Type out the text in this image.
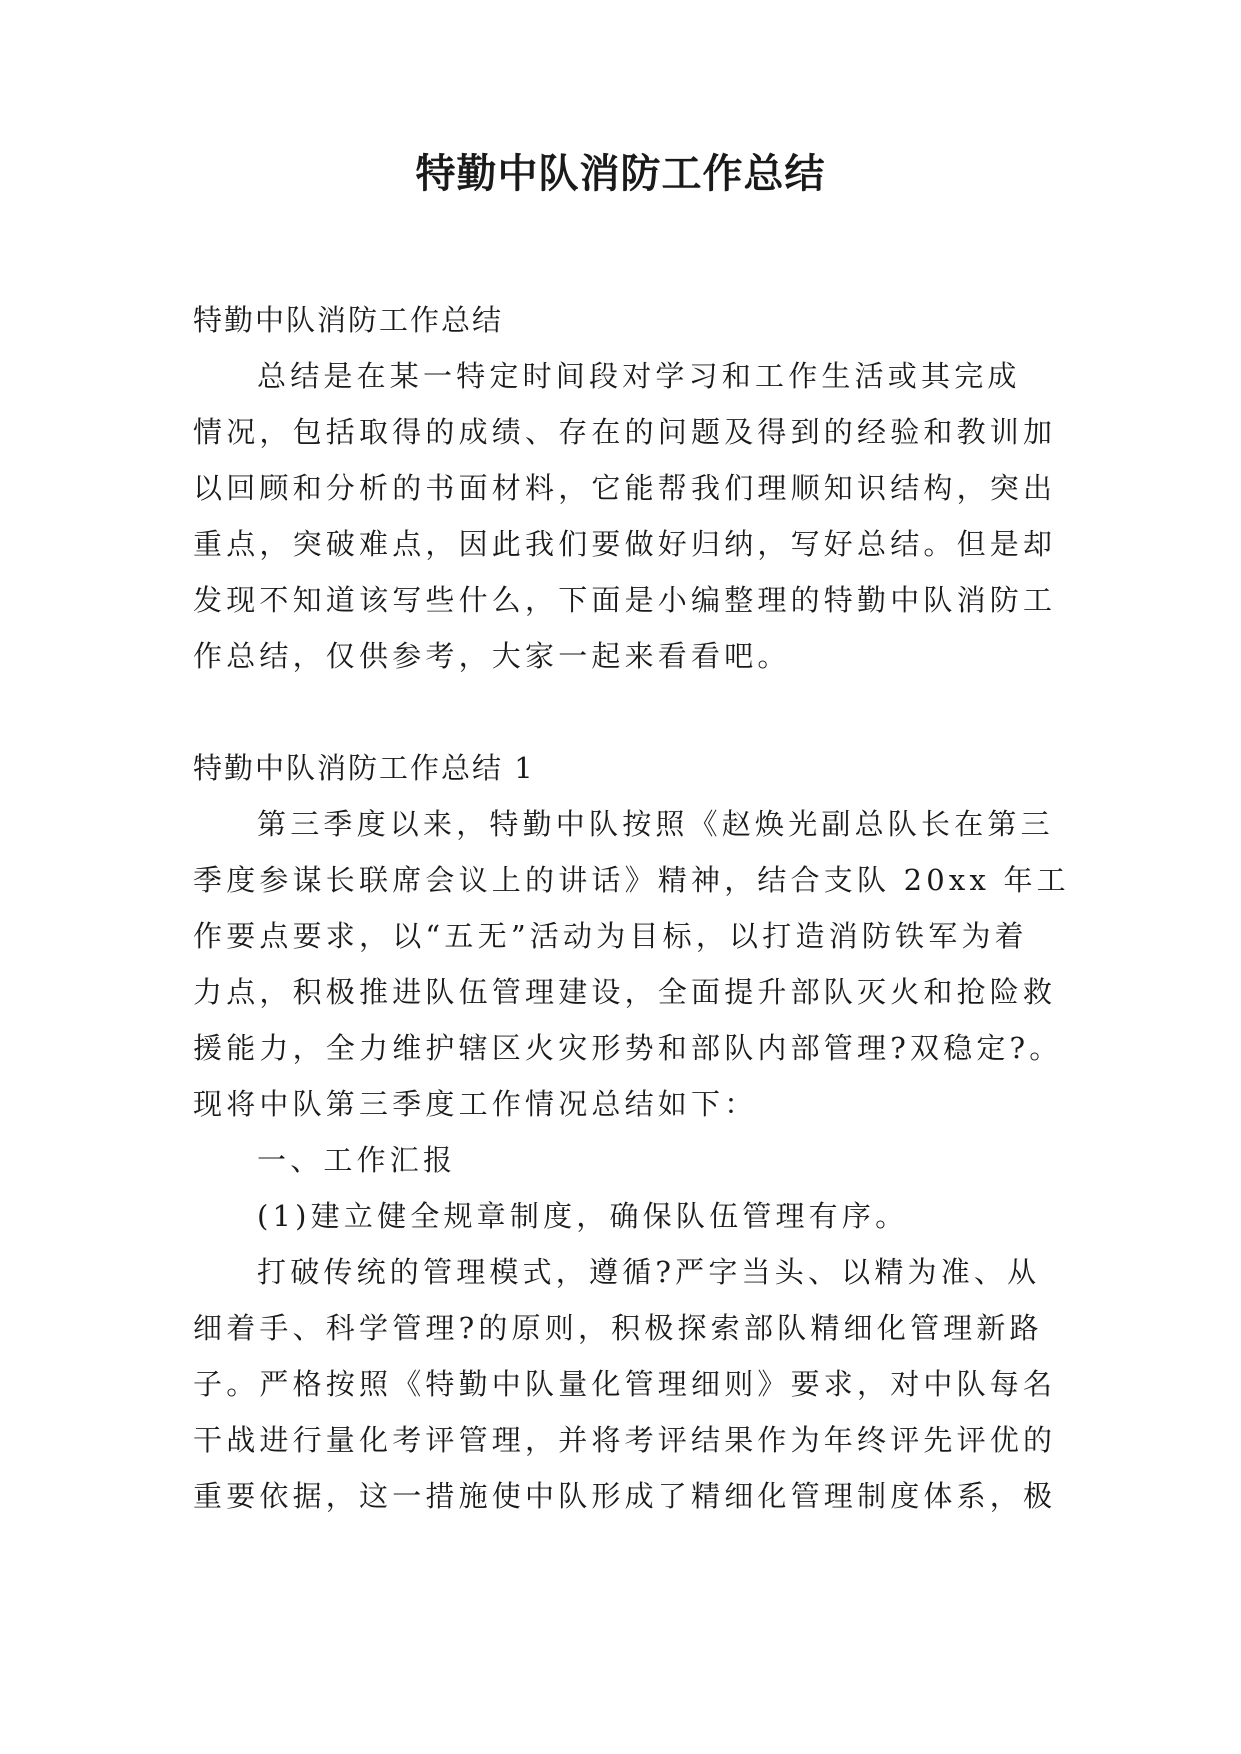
特勤中队消防工作总结
特勤中队消防工作总结
总结是在某一特定时间段对学习和工作生活或其完成
情况，包括取得的成绩、存在的问题及得到的经验和教训加
以回顾和分析的书面材料，它能帮我们理顺知识结构，突出
重点，突破难点，因此我们要做好归纳，写好总结。但是却
发现不知道该写些什么，下面是小编整理的特勤中队消防工
作总结，仅供参考，大家一起来看看吧。
特勤中队消防工作总结 1
第三季度以来，特勤中队按照《赵焕光副总队长在第三
季度参谋长联席会议上的讲话》精神，结合支队 20xx 年工
作要点要求，以“五无”活动为目标，以打造消防铁军为着
力点，积极推进队伍管理建设，全面提升部队灭火和抢险救
援能力，全力维护辖区火灾形势和部队内部管理?双稳定?。
现将中队第三季度工作情况总结如下：
一、工作汇报
(1)建立健全规章制度，确保队伍管理有序。
打破传统的管理模式，遵循?严字当头、以精为准、从
细着手、科学管理?的原则，积极探索部队精细化管理新路
子。严格按照《特勤中队量化管理细则》要求，对中队每名
干战进行量化考评管理，并将考评结果作为年终评先评优的
重要依据，这一措施使中队形成了精细化管理制度体系，极
